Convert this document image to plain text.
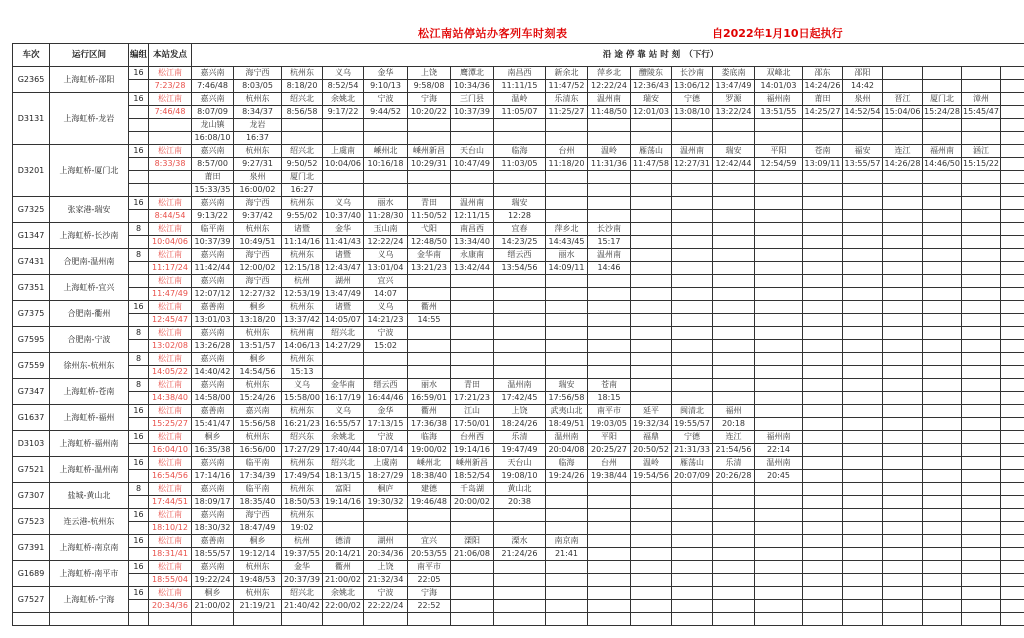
松江南站停站办客列车时刻表	自2022年1月10日起执行
车次	运行区间	编组	本站发点	沿 途 停 靠 站 时 刻　（下行）																					
G2365	上海虹桥-邵阳	16	松江南	嘉兴南	海宁西	杭州东	义乌	金华	上饶	鹰潭北	南昌西	新余北	萍乡北	醴陵东	长沙南	娄底南	双峰北	邵东	邵阳						
			7:23/28	7:46/48	8:03/05	8:18/20	8:52/54	9:10/13	9:58/08	10:34/36	11:11/15	11:47/52	12:22/24	12:36/43	13:06/12	13:47/49	14:01/03	14:24/26	14:42						
D3131	上海虹桥-龙岩	16	松江南	嘉兴南	杭州东	绍兴北	余姚北	宁波	宁海	三门县	温岭	乐清东	温州南	瑞安	宁德	罗源	福州南	莆田	泉州	晋江	厦门北	漳州			
			7:46/48	8:07/09	8:34/37	8:56/58	9:17/22	9:44/52	10:20/22	10:37/39	11:05/07	11:25/27	11:48/50	12:01/03	13:08/10	13:22/24	13:51/55	14:25/27	14:52/54	15:04/06	15:24/28	15:45/47			
				龙山镇	龙岩																				
				16:08/10	16:37																				
D3201	上海虹桥-厦门北	16	松江南	嘉兴南	杭州东	绍兴北	上虞南	嵊州北	嵊州新昌	天台山	临海	台州	温岭	雁荡山	温州南	瑞安	平阳	苍南	福安	连江	福州南	涵江			
			8:33/38	8:57/00	9:27/31	9:50/52	10:04/06	10:16/18	10:29/31	10:47/49	11:03/05	11:18/20	11:31/36	11:47/58	12:27/31	12:42/44	12:54/59	13:09/11	13:55/57	14:26/28	14:46/50	15:15/22			
				莆田	泉州	厦门北																			
				15:33/35	16:00/02	16:27																			
G7325	张家港-瑞安	16	松江南	嘉兴南	海宁西	杭州东	义乌	丽水	青田	温州南	瑞安														
			8:44/54	9:13/22	9:37/42	9:55/02	10:37/40	11:28/30	11:50/52	12:11/15	12:28														
G1347	上海虹桥-长沙南	8	松江南	临平南	杭州东	诸暨	金华	玉山南	弋阳	南昌西	宜春	萍乡北	长沙南												
			10:04/06	10:37/39	10:49/51	11:14/16	11:41/43	12:22/24	12:48/50	13:34/40	14:23/25	14:43/45	15:17												
G7431	合肥南-温州南	8	松江南	嘉兴南	海宁西	杭州东	诸暨	义乌	金华南	永康南	缙云西	丽水	温州南												
			11:17/24	11:42/44	12:00/02	12:15/18	12:43/47	13:01/04	13:21/23	13:42/44	13:54/56	14:09/11	14:46												
G7351	上海虹桥-宜兴		松江南	嘉兴南	海宁西	杭州	湖州	宜兴																	
			11:47/49	12:07/12	12:27/32	12:53/19	13:47/49	14:07																	
G7375	合肥南-衢州	16	松江南	嘉善南	桐乡	杭州东	诸暨	义乌	衢州																
			12:45/47	13:01/03	13:18/20	13:37/42	14:05/07	14:21/23	14:55																
G7595	合肥南-宁波	8	松江南	嘉兴南	杭州东	杭州南	绍兴北	宁波																	
			13:02/08	13:26/28	13:51/57	14:06/13	14:27/29	15:02																	
G7559	徐州东-杭州东	8	松江南	嘉兴南	桐乡	杭州东																			
			14:05/22	14:40/42	14:54/56	15:13																			
G7347	上海虹桥-苍南	8	松江南	嘉兴南	杭州东	义乌	金华南	缙云西	丽水	青田	温州南	瑞安	苍南												
			14:38/40	14:58/00	15:24/26	15:58/00	16:17/19	16:44/46	16:59/01	17:21/23	17:42/45	17:56/58	18:15												
G1637	上海虹桥-福州	16	松江南	嘉善南	嘉兴南	杭州东	义乌	金华	衢州	江山	上饶	武夷山北	南平市	延平	闽清北	福州									
			15:25/27	15:41/47	15:56/58	16:21/23	16:55/57	17:13/15	17:36/38	17:50/01	18:24/26	18:49/51	19:03/05	19:32/34	19:55/57	20:18									
D3103	上海虹桥-福州南	16	松江南	桐乡	杭州东	绍兴东	余姚北	宁波	临海	台州西	乐清	温州南	平阳	福鼎	宁德	连江	福州南								
			16:04/10	16:35/38	16:56/00	17:27/29	17:40/44	18:07/14	19:00/02	19:14/16	19:47/49	20:04/08	20:25/27	20:50/52	21:31/33	21:54/56	22:14								
G7521	上海虹桥-温州南	16	松江南	嘉兴南	临平南	杭州东	绍兴北	上虞南	嵊州北	嵊州新昌	天台山	临海	台州	温岭	雁荡山	乐清	温州南								
			16:54/56	17:14/16	17:34/39	17:49/54	18:13/15	18:27/29	18:38/40	18:52/54	19:08/10	19:24/26	19:38/44	19:54/56	20:07/09	20:26/28	20:45								
G7307	盐城-黄山北	8	松江南	嘉兴南	临平南	杭州东	富阳	桐庐	建德	千岛湖	黄山北														
			17:44/51	18:09/17	18:35/40	18:50/53	19:14/16	19:30/32	19:46/48	20:00/02	20:38														
G7523	连云港-杭州东	16	松江南	嘉兴南	海宁西	杭州东																			
			18:10/12	18:30/32	18:47/49	19:02																			
G7391	上海虹桥-南京南	16	松江南	嘉善南	桐乡	杭州	德清	湖州	宜兴	溧阳	溧水	南京南													
			18:31/41	18:55/57	19:12/14	19:37/55	20:14/21	20:34/36	20:53/55	21:06/08	21:24/26	21:41													
G1689	上海虹桥-南平市	16	松江南	嘉兴南	杭州东	金华	衢州	上饶	南平市																
			18:55/04	19:22/24	19:48/53	20:37/39	21:00/02	21:32/34	22:05																
G7527	上海虹桥-宁海	16	松江南	桐乡	杭州东	绍兴北	余姚北	宁波	宁海																
			20:34/36	21:00/02	21:19/21	21:40/42	22:00/02	22:22/24	22:52																
